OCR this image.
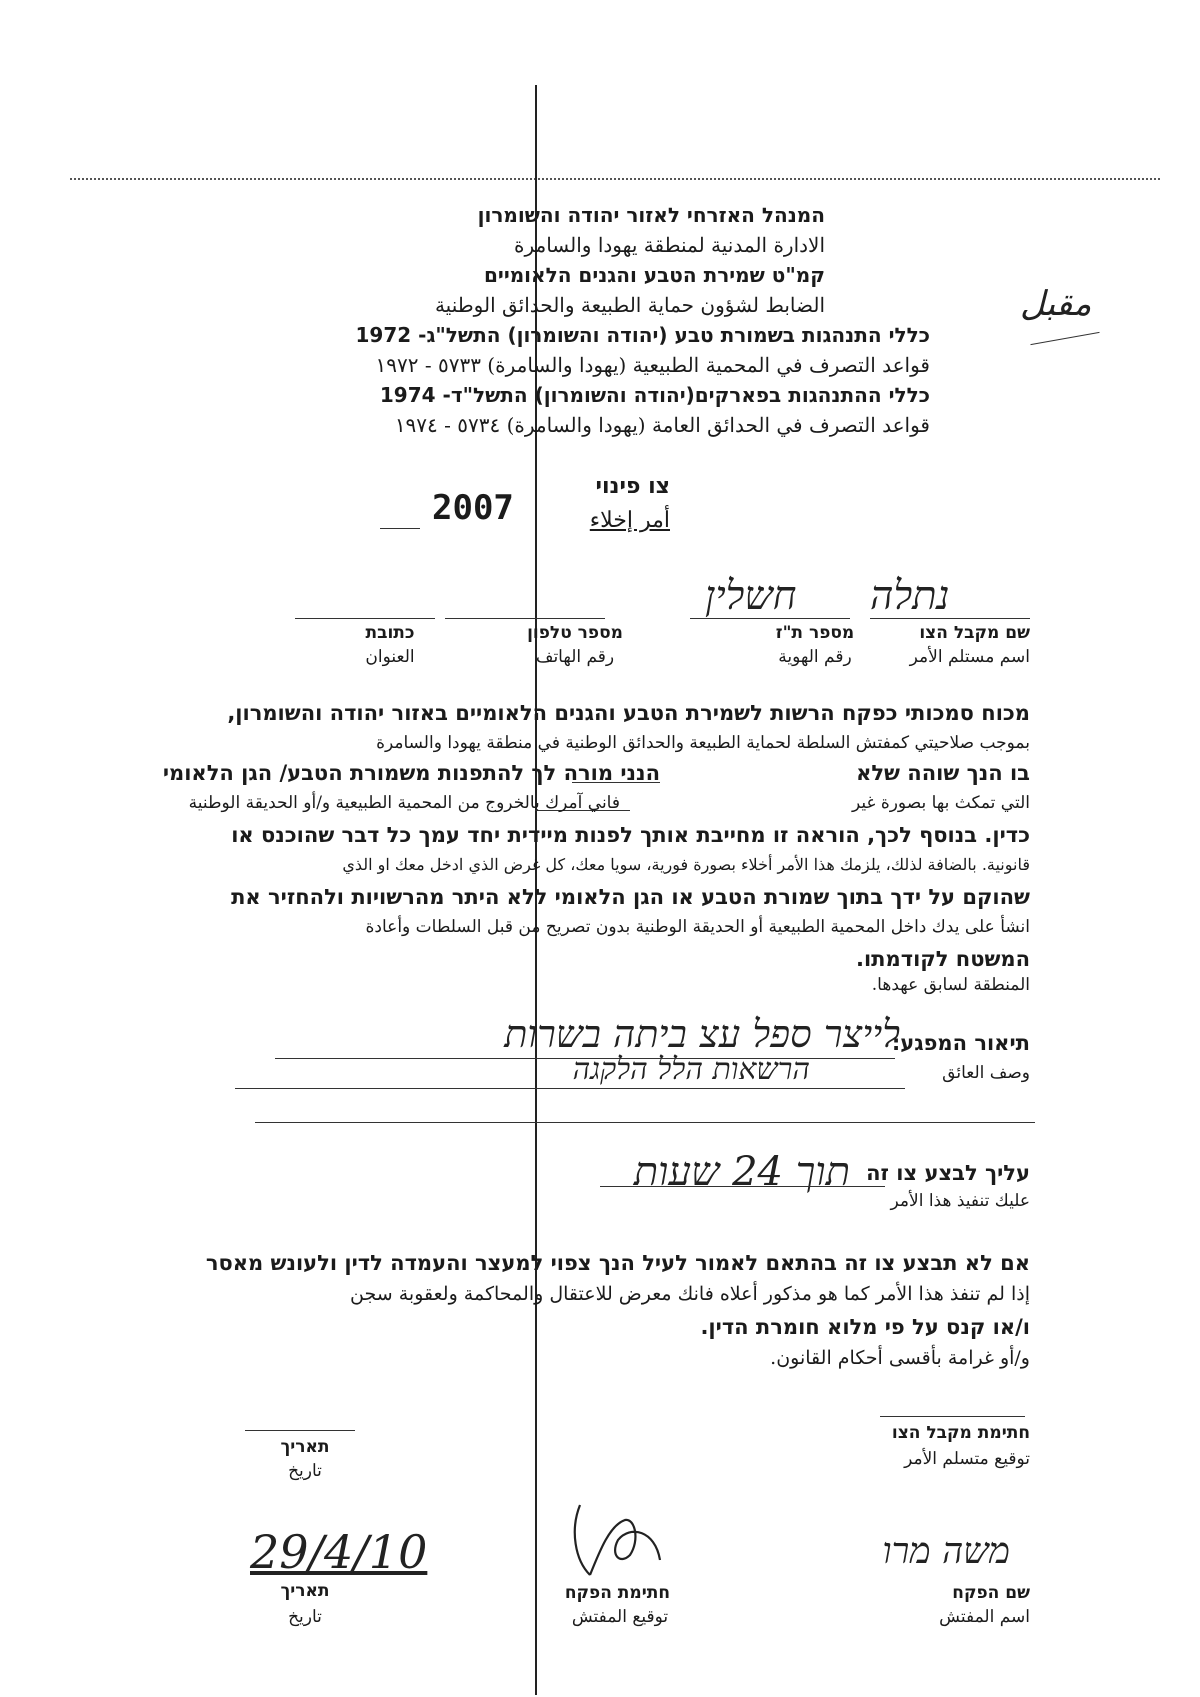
המנהל האזרחי לאזור יהודה והשומרון
الادارة المدنية لمنطقة يهودا والسامرة
קמ"ט שמירת הטבע והגנים הלאומיים
الضابط لشؤون حماية الطبيعة والحدائق الوطنية
כללי התנהגות בשמורת טבע (יהודה והשומרון) התשל"ג- 1972
قواعد التصرف في المحمية الطبيعية (يهودا والسامرة) ٥٧٣٣ - ١٩٧٢
כללי ההתנהגות בפארקים(יהודה והשומרון) התשל"ד- 1974
قواعد التصرف في الحدائق العامة (يهودا والسامرة) ٥٧٣٤ - ١٩٧٤
مقبل
צו פינוי
أمر إخلاء
2007
נתלה
חשלין
שם מקבל הצו
اسم مستلم الأمر
מספר ת"ז
رقم الهوية
מספר טלפון
رقم الهاتف
כתובת
العنوان
מכוח סמכותי כפקח הרשות לשמירת הטבע והגנים הלאומיים באזור יהודה והשומרון,
بموجب صلاحيتي كمفتش السلطة لحماية الطبيعة والحدائق الوطنية في منطقة يهودا والسامرة
בו הנך שוהה שלא
הנני מורה לך להתפנות משמורת הטבע/ הגן הלאומי
التي تمكث بها بصورة غير
فاني آمرك بالخروج من المحمية الطبيعية و/أو الحديقة الوطنية
כדין. בנוסף לכך, הוראה זו מחייבת אותך לפנות מיידית יחד עמך כל דבר שהוכנס או
قانونية. بالضافة لذلك، يلزمك هذا الأمر أخلاء بصورة فورية، سويا معك، كل غرض الذي ادخل معك او الذي
שהוקם על ידך בתוך שמורת הטבע או הגן הלאומי ללא היתר מהרשויות ולהחזיר את
انشأ على يدك داخل المحمية الطبيعية أو الحديقة الوطنية بدون تصريح من قبل السلطات وأعادة
המשטח לקודמתו.
المنطقة لسابق عهدها.
תיאור המפגע:
وصف العائق
לייצר ספל עצ ביתה בשרות
הרשאות הלל הלקגה
עליך לבצע צו זה
عليك تنفيذ هذا الأمر
תוך 24 שעות
אם לא תבצע צו זה בהתאם לאמור לעיל הנך צפוי למעצר והעמדה לדין ולעונש מאסר
إذا لم تنفذ هذا الأمر كما هو مذكور أعلاه فانك معرض للاعتقال والمحاكمة ولعقوبة سجن
ו/או קנס על פי מלוא חומרת הדין.
و/أو غرامة بأقسى أحكام القانون.
תאריך
تاريخ
חתימת מקבל הצו
توقيع متسلم الأمر
29/4/10
תאריך
تاريخ
חתימת הפקח
توقيع المفتش
משה מרו
שם הפקח
اسم المفتش
